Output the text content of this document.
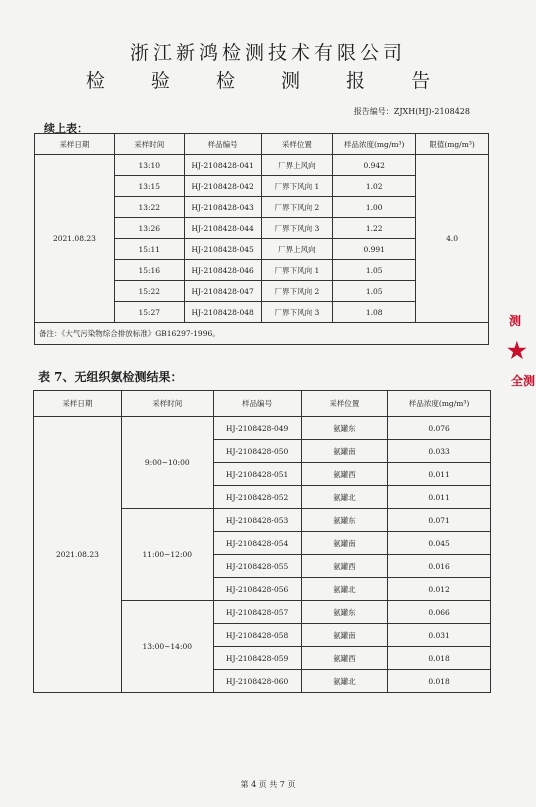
浙江新鸿检测技术有限公司
检 验 检 测 报 告
报告编号：ZJXH(HJ)-2108428
续上表：
采样日期	采样时间	样品编号	采样位置	样品浓度(mg/m³)	限值(mg/m³)
2021.08.23	13:10	HJ-2108428-041	厂界上风向	0.942	4.0
	13:15	HJ-2108428-042	厂界下风向 1	1.02	
	13:22	HJ-2108428-043	厂界下风向 2	1.00	
	13:26	HJ-2108428-044	厂界下风向 3	1.22	
	15:11	HJ-2108428-045	厂界上风向	0.991	
	15:16	HJ-2108428-046	厂界下风向 1	1.05	
	15:22	HJ-2108428-047	厂界下风向 2	1.05	
	15:27	HJ-2108428-048	厂界下风向 3	1.08	
备注：《大气污染物综合排放标准》GB16297-1996。					
表 7、无组织氨检测结果：
采样日期	采样时间	样品编号	采样位置	样品浓度(mg/m³)
2021.08.23	9:00~10:00	HJ-2108428-049	氨罐东	0.076
		HJ-2108428-050	氨罐南	0.033
		HJ-2108428-051	氨罐西	0.011
		HJ-2108428-052	氨罐北	0.011
	11:00~12:00	HJ-2108428-053	氨罐东	0.071
		HJ-2108428-054	氨罐南	0.045
		HJ-2108428-055	氨罐西	0.016
		HJ-2108428-056	氨罐北	0.012
	13:00~14:00	HJ-2108428-057	氨罐东	0.066
		HJ-2108428-058	氨罐南	0.031
		HJ-2108428-059	氨罐西	0.018
		HJ-2108428-060	氨罐北	0.018
第 4 页 共 7 页
测
★
全测
